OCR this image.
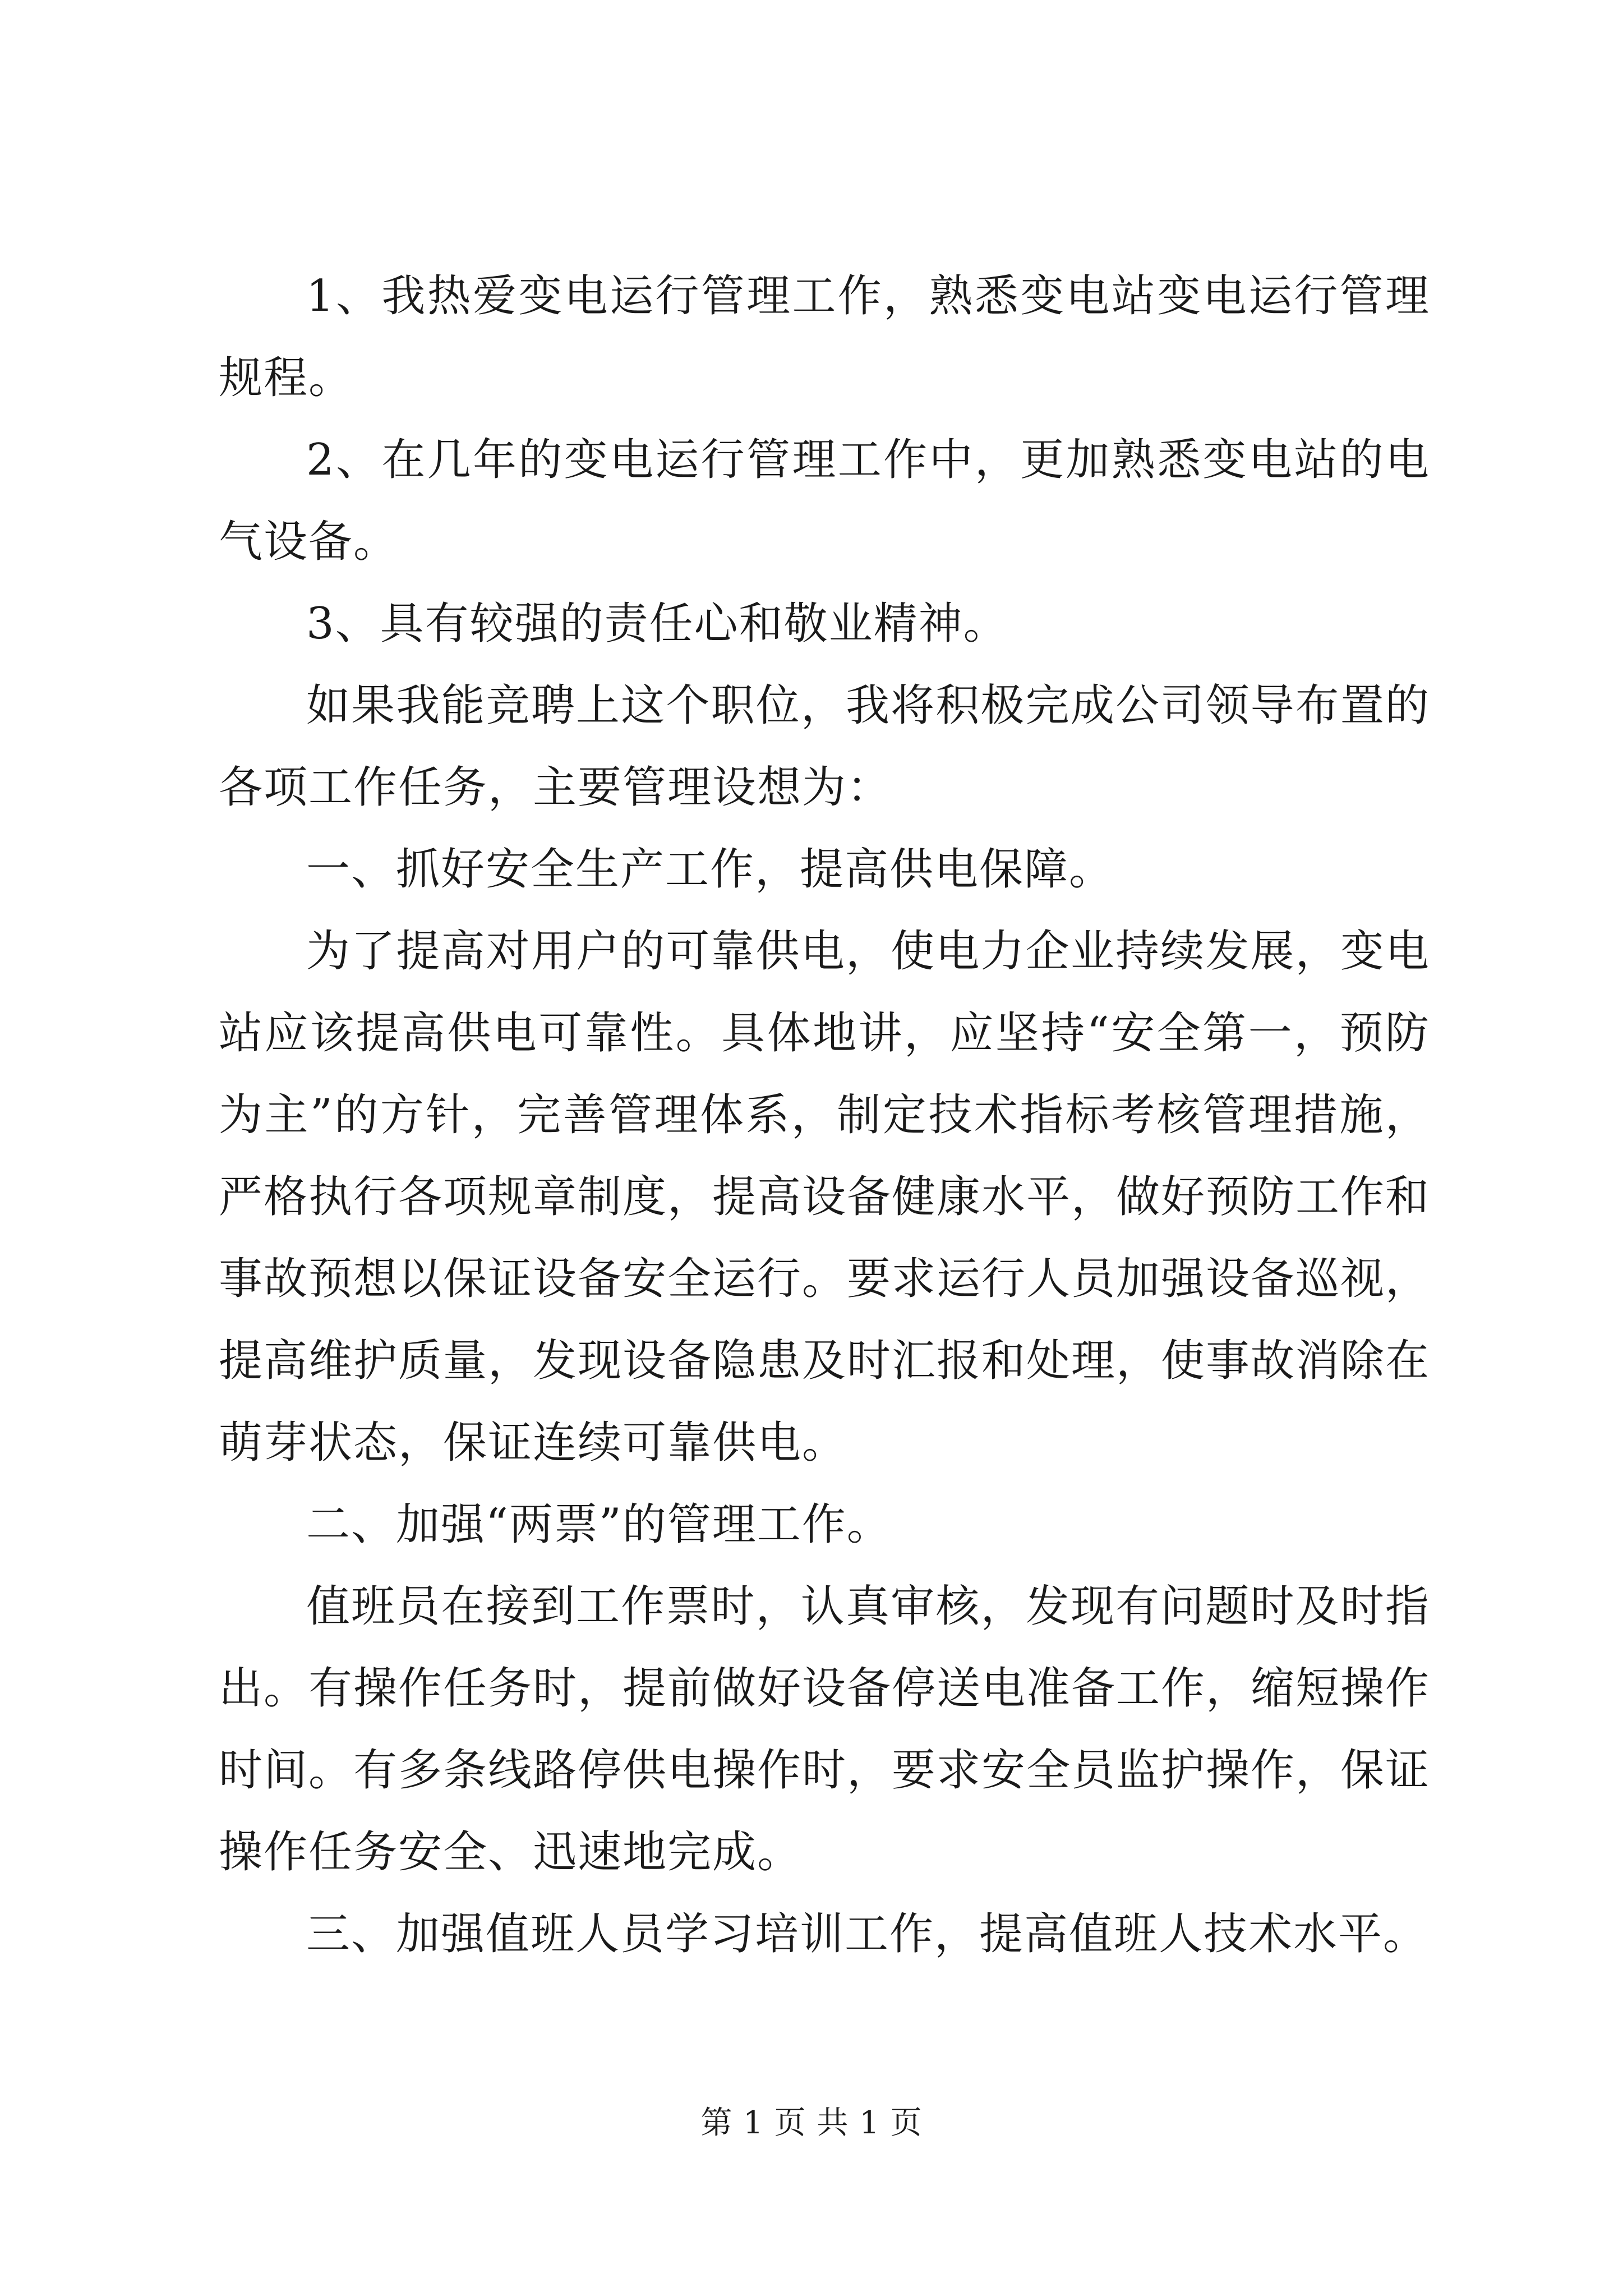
1、我热爱变电运行管理工作，熟悉变电站变电运行管理规程。

2、在几年的变电运行管理工作中，更加熟悉变电站的电气设备。

3、具有较强的责任心和敬业精神。

如果我能竞聘上这个职位，我将积极完成公司领导布置的各项工作任务，主要管理设想为：

一、抓好安全生产工作，提高供电保障。

为了提高对用户的可靠供电，使电力企业持续发展，变电站应该提高供电可靠性。具体地讲，应坚持“安全第一，预防为主”的方针，完善管理体系，制定技术指标考核管理措施，严格执行各项规章制度，提高设备健康水平，做好预防工作和事故预想以保证设备安全运行。要求运行人员加强设备巡视，提高维护质量，发现设备隐患及时汇报和处理，使事故消除在萌芽状态，保证连续可靠供电。

二、加强“两票”的管理工作。

值班员在接到工作票时，认真审核，发现有问题时及时指出。有操作任务时，提前做好设备停送电准备工作，缩短操作时间。有多条线路停供电操作时，要求安全员监护操作，保证操作任务安全、迅速地完成。

三、加强值班人员学习培训工作，提高值班人技术水平。

第 1 页 共 1 页
